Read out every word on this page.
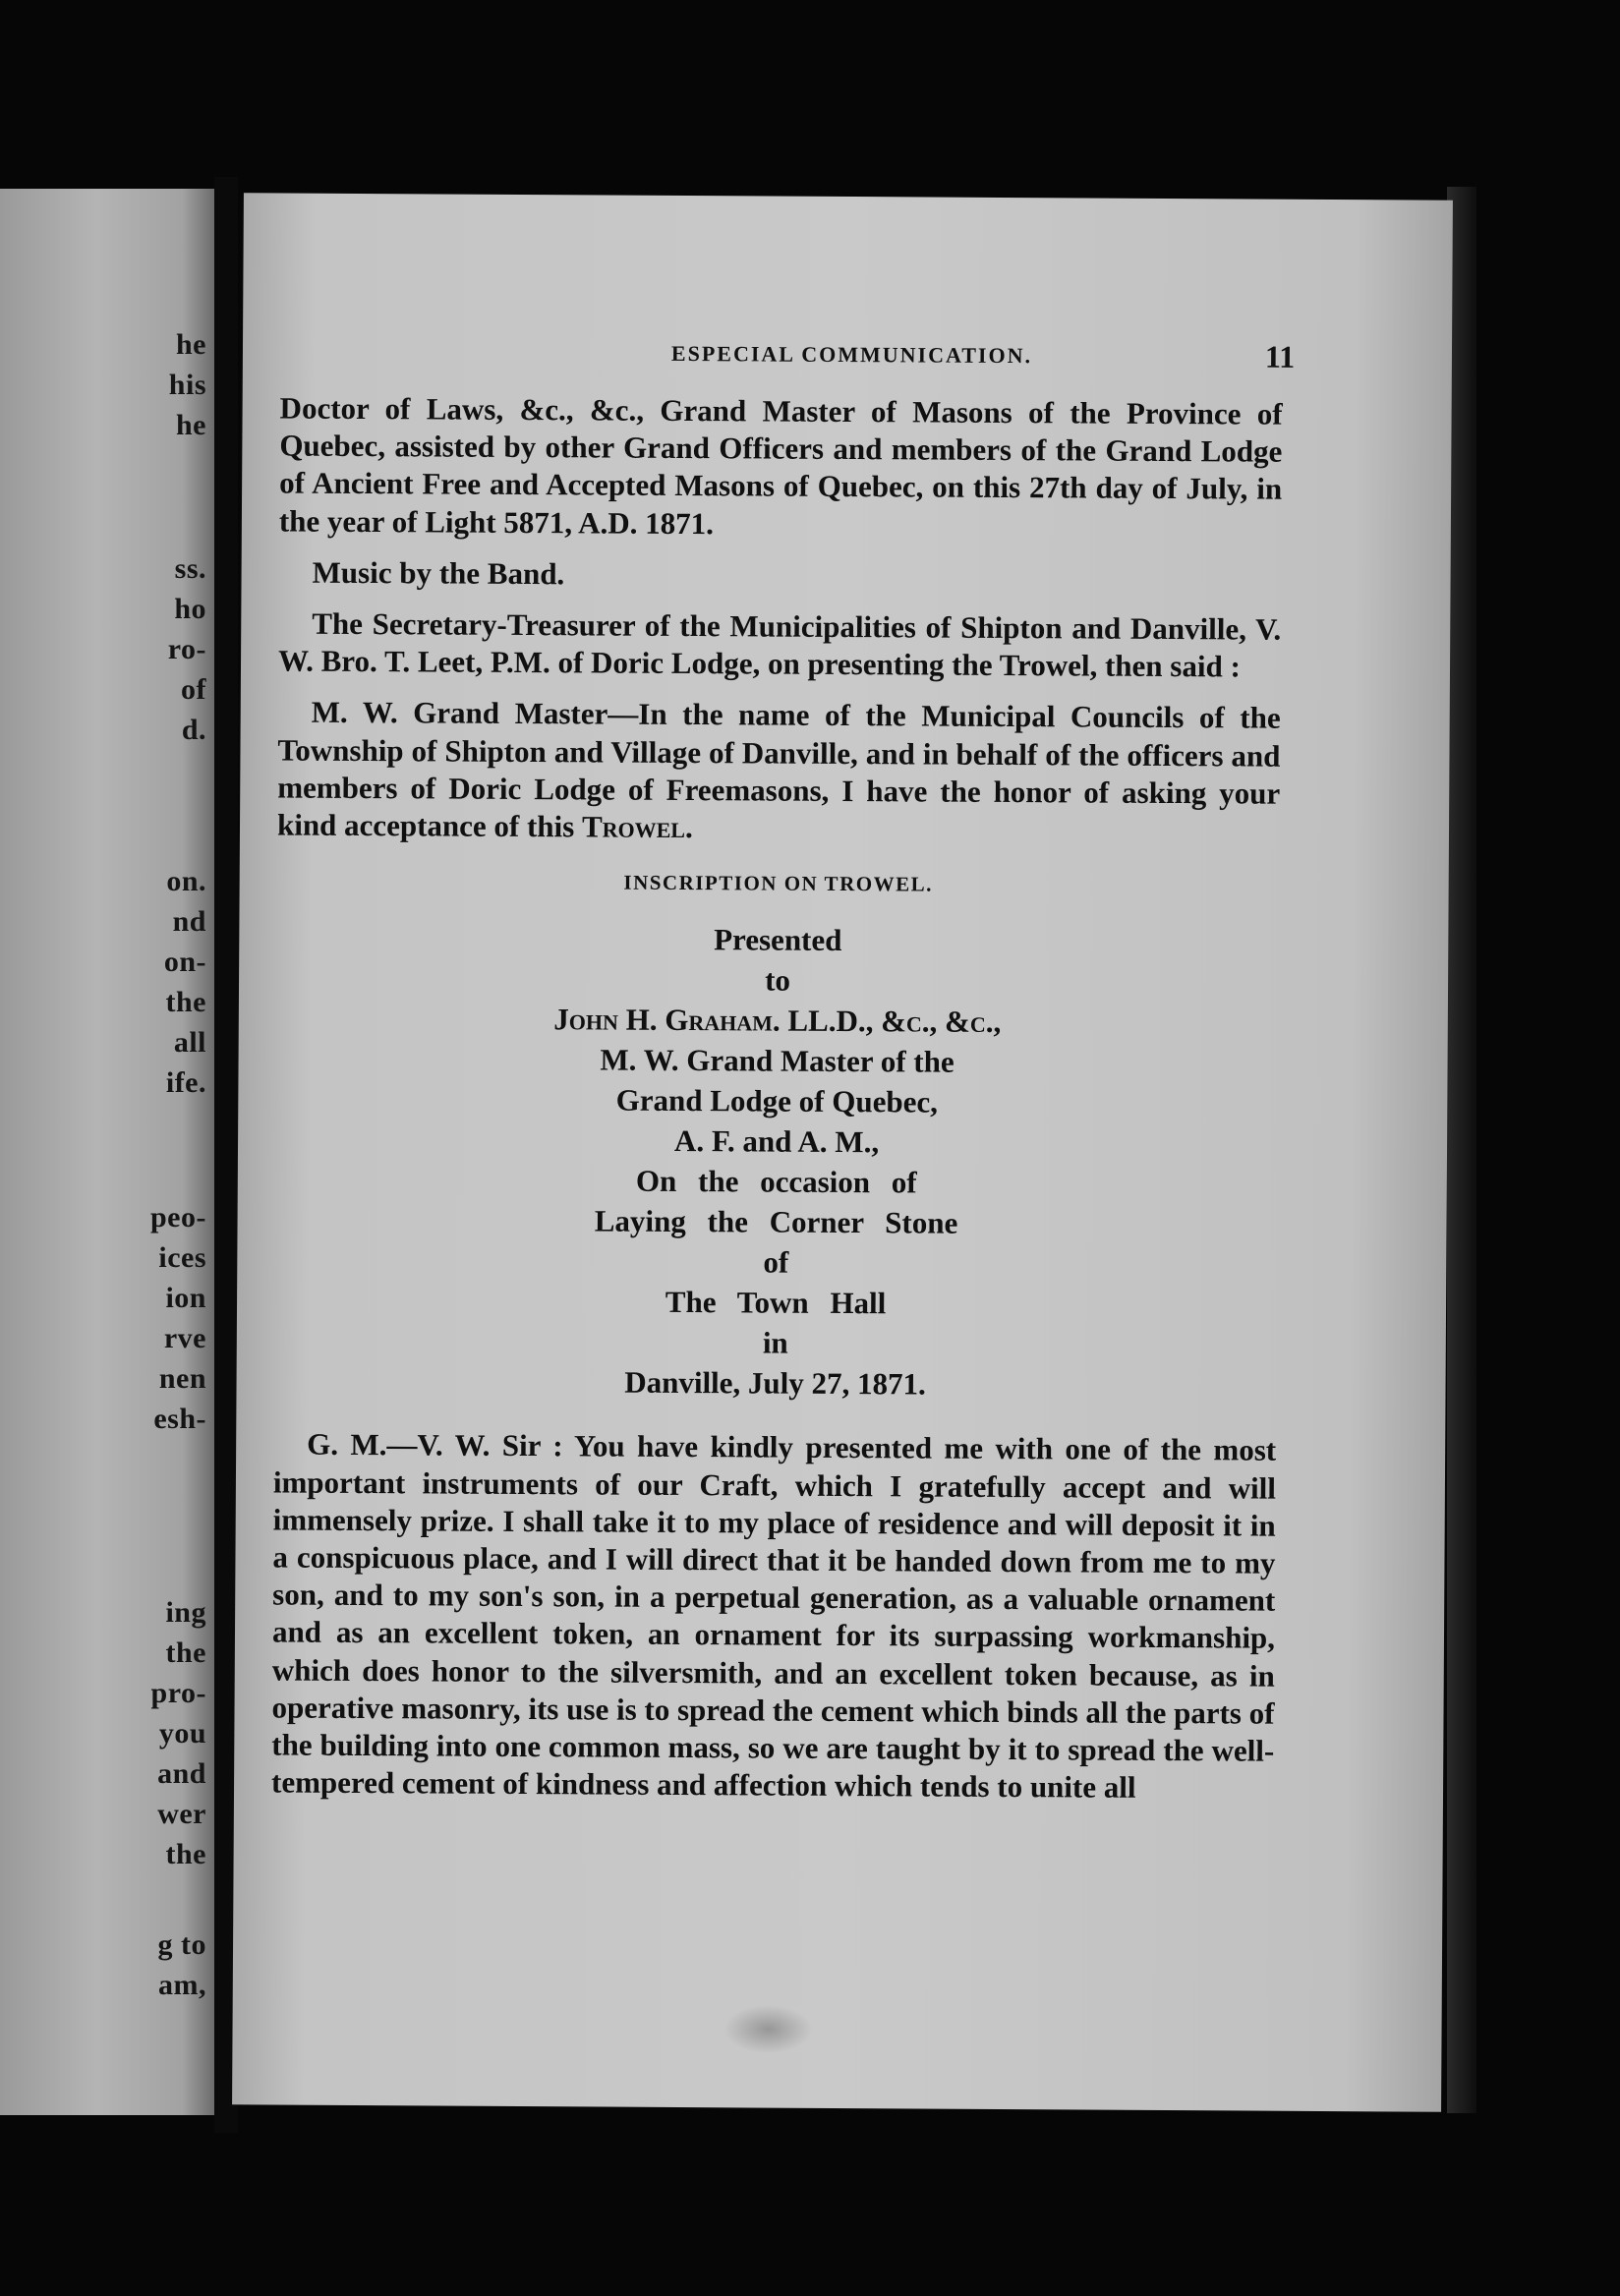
he
his
he
ss.
ho
ro-
of
d.
on.
nd
on-
the
all
ife.
peo-
ices
ion
rve
nen
esh-
ing
the
pro-
you
and
wer
the
g to
am,
ESPECIAL COMMUNICATION.	11

Doctor of Laws, &c., &c., Grand Master of Masons of the Province of Quebec, assisted by other Grand Officers and members of the Grand Lodge of Ancient Free and Accepted Masons of Quebec, on this 27th day of July, in the year of Light 5871, A.D. 1871.

Music by the Band.

The Secretary-Treasurer of the Municipalities of Shipton and Danville, V. W. Bro. T. Leet, P.M. of Doric Lodge, on presenting the Trowel, then said :

M. W. Grand Master—In the name of the Municipal Councils of the Township of Shipton and Village of Danville, and in behalf of the officers and members of Doric Lodge of Freemasons, I have the honor of asking your kind acceptance of this Trowel.

INSCRIPTION ON TROWEL.
Presented
to
John H. Graham. LL.D., &c., &c.,
M. W. Grand Master of the
Grand Lodge of Quebec,
A. F. and A. M.,
On the occasion of
Laying the Corner Stone
of
The Town Hall
in
Danville, July 27, 1871.

G. M.—V. W. Sir : You have kindly presented me with one of the most important instruments of our Craft, which I gratefully accept and will immensely prize. I shall take it to my place of residence and will deposit it in a conspicuous place, and I will direct that it be handed down from me to my son, and to my son's son, in a perpetual generation, as a valuable ornament and as an excellent token, an ornament for its surpassing workmanship, which does honor to the silversmith, and an excellent token because, as in operative masonry, its use is to spread the cement which binds all the parts of the building into one common mass, so we are taught by it to spread the well-tempered cement of kindness and affection which tends to unite all
